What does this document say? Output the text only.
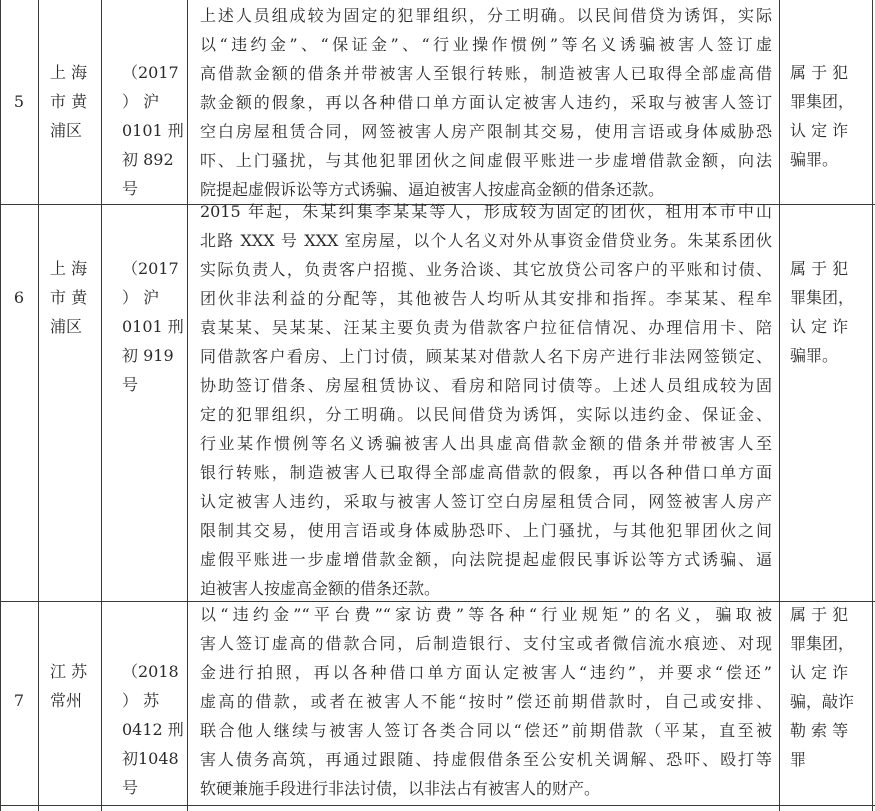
5
上 海
市 黄
浦区
（2017
） 沪
0101 刑
初 892
号
上述人员组成较为固定的犯罪组织，分工明确。以民间借贷为诱饵，实际
以“违约金”、“保证金”、“行业操作惯例”等名义诱骗被害人签订虚
高借款金额的借条并带被害人至银行转账，制造被害人已取得全部虚高借
款金额的假象，再以各种借口单方面认定被害人违约，采取与被害人签订
空白房屋租赁合同，网签被害人房产限制其交易，使用言语或身体威胁恐
吓、上门骚扰，与其他犯罪团伙之间虚假平账进一步虚增借款金额，向法
院提起虚假诉讼等方式诱骗、逼迫被害人按虚高金额的借条还款。
属 于 犯
罪集团，
认 定 诈
骗罪。
6
上 海
市 黄
浦区
（2017
） 沪
0101 刑
初 919
号
2015 年起，朱某纠集李某某等人，形成较为固定的团伙，租用本市中山
北路 XXX 号 XXX 室房屋，以个人名义对外从事资金借贷业务。朱某系团伙
实际负责人，负责客户招揽、业务洽谈、其它放贷公司客户的平账和讨债、
团伙非法利益的分配等，其他被告人均听从其安排和指挥。李某某、程牟
袁某某、吴某某、汪某主要负责为借款客户拉征信情况、办理信用卡、陪
同借款客户看房、上门讨债，顾某某对借款人名下房产进行非法网签锁定、
协助签订借条、房屋租赁协议、看房和陪同讨债等。上述人员组成较为固
定的犯罪组织，分工明确。以民间借贷为诱饵，实际以违约金、保证金、
行业某作惯例等名义诱骗被害人出具虚高借款金额的借条并带被害人至
银行转账，制造被害人已取得全部虚高借款的假象，再以各种借口单方面
认定被害人违约，采取与被害人签订空白房屋租赁合同，网签被害人房产
限制其交易，使用言语或身体威胁恐吓、上门骚扰，与其他犯罪团伙之间
虚假平账进一步虚增借款金额，向法院提起虚假民事诉讼等方式诱骗、逼
迫被害人按虚高金额的借条还款。
属 于 犯
罪集团，
认 定 诈
骗罪。
7
江 苏
常州
（2018
） 苏
0412 刑
初1048
号
以“违约金”“平台费”“家访费”等各种“行业规矩”的名义，骗取被
害人签订虚高的借款合同，后制造银行、支付宝或者微信流水痕迹、对现
金进行拍照，再以各种借口单方面认定被害人“违约”，并要求“偿还”
虚高的借款，或者在被害人不能“按时”偿还前期借款时，自己或安排、
联合他人继续与被害人签订各类合同以“偿还”前期借款（平某，直至被
害人债务高筑，再通过跟随、持虚假借条至公安机关调解、恐吓、殴打等
软硬兼施手段进行非法讨债，以非法占有被害人的财产。
属 于 犯
罪集团，
认 定 诈
骗，敲诈
勒 索 等
罪
